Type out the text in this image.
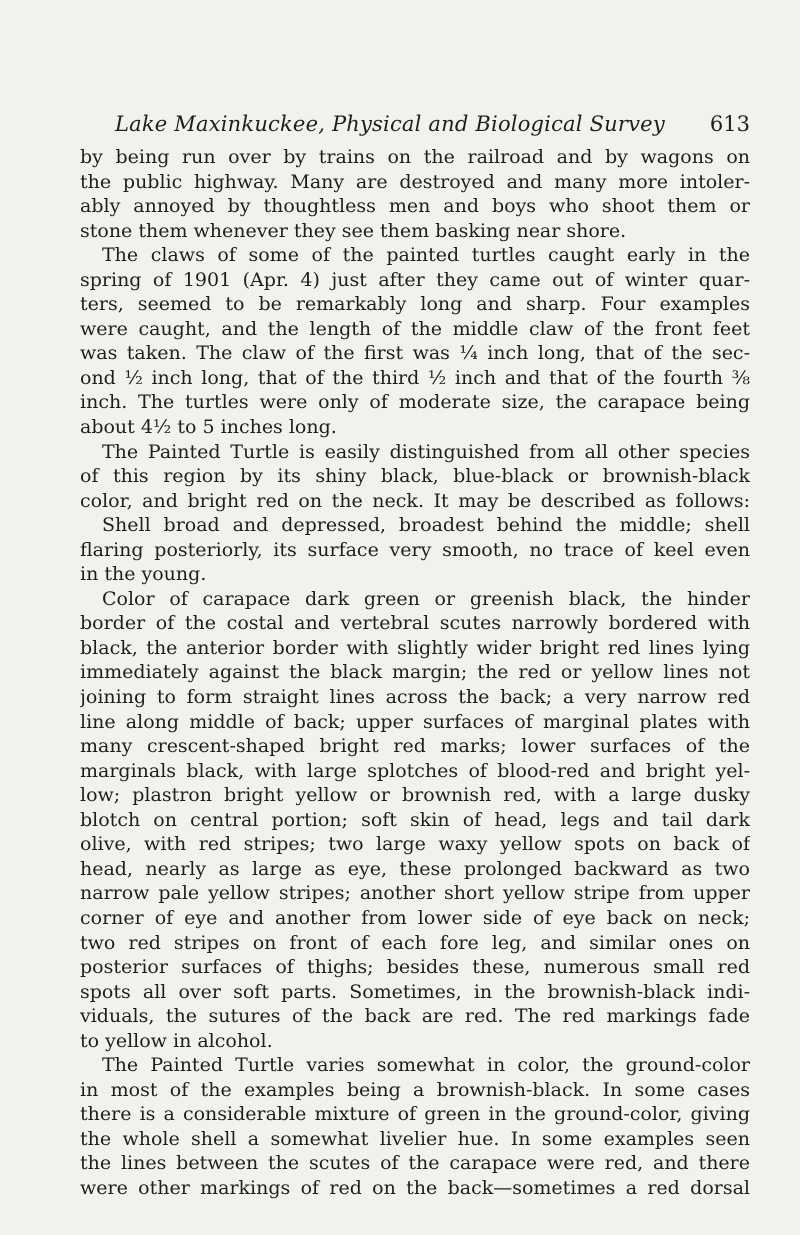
Lake Maxinkuckee, Physical and Biological Survey 613
by being run over by trains on the railroad and by wagons on
the public highway. Many are destroyed and many more intoler-
ably annoyed by thoughtless men and boys who shoot them or
stone them whenever they see them basking near shore.
The claws of some of the painted turtles caught early in the
spring of 1901 (Apr. 4) just after they came out of winter quar-
ters, seemed to be remarkably long and sharp. Four examples
were caught, and the length of the middle claw of the front feet
was taken. The claw of the first was ¼ inch long, that of the sec-
ond ½ inch long, that of the third ½ inch and that of the fourth ⅜
inch. The turtles were only of moderate size, the carapace being
about 4½ to 5 inches long.
The Painted Turtle is easily distinguished from all other species
of this region by its shiny black, blue-black or brownish-black
color, and bright red on the neck. It may be described as follows:
Shell broad and depressed, broadest behind the middle; shell
flaring posteriorly, its surface very smooth, no trace of keel even
in the young.
Color of carapace dark green or greenish black, the hinder
border of the costal and vertebral scutes narrowly bordered with
black, the anterior border with slightly wider bright red lines lying
immediately against the black margin; the red or yellow lines not
joining to form straight lines across the back; a very narrow red
line along middle of back; upper surfaces of marginal plates with
many crescent-shaped bright red marks; lower surfaces of the
marginals black, with large splotches of blood-red and bright yel-
low; plastron bright yellow or brownish red, with a large dusky
blotch on central portion; soft skin of head, legs and tail dark
olive, with red stripes; two large waxy yellow spots on back of
head, nearly as large as eye, these prolonged backward as two
narrow pale yellow stripes; another short yellow stripe from upper
corner of eye and another from lower side of eye back on neck;
two red stripes on front of each fore leg, and similar ones on
posterior surfaces of thighs; besides these, numerous small red
spots all over soft parts. Sometimes, in the brownish-black indi-
viduals, the sutures of the back are red. The red markings fade
to yellow in alcohol.
The Painted Turtle varies somewhat in color, the ground-color
in most of the examples being a brownish-black. In some cases
there is a considerable mixture of green in the ground-color, giving
the whole shell a somewhat livelier hue. In some examples seen
the lines between the scutes of the carapace were red, and there
were other markings of red on the back—sometimes a red dorsal
